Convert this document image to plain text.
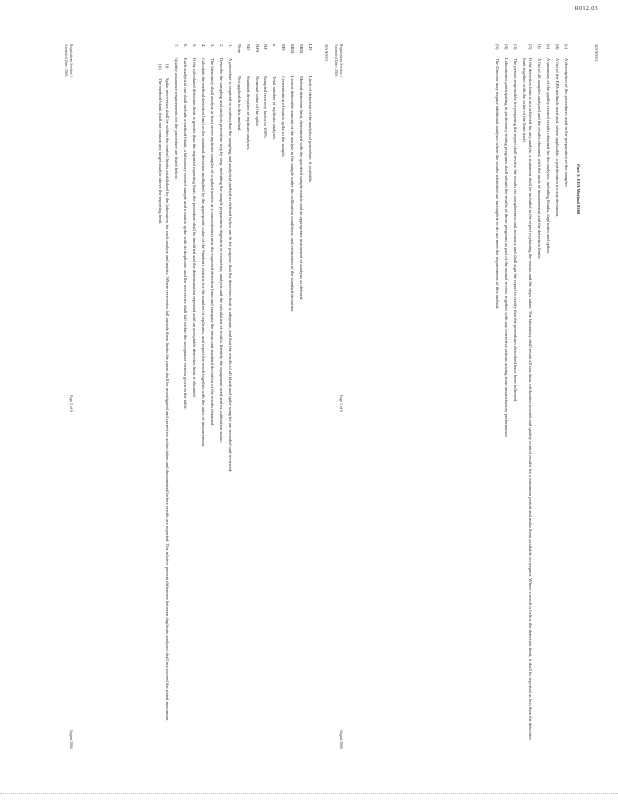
R012.03
MAN0001
LD-
Limit of detection of the analytical procedure, if available.
MDL
Method detection limit, determined with the specified sample matrix and an appropriate instrument of analysis as defined.
MDL
Lowest detectable amount of the analyte in the sample under the calibration conditions, and estimation of the standard deviation.
MS
Concentration of matrix spike in the sample.
n
Total number of replicate analyses.
NF
Sampled recovery factor to 100%.
NFS
Nominal value of the spike.
SD
Standard deviation of replicate analyses.
Note
Not applicable to this method.
1.
A procedure is required to confirm that the sampling and analytical method as defined below are fit for purpose, that the detection limit is adequate, and that the results of all blank and spike samples are recorded and reviewed.
2.
Describe the sampling and analysis procedure step by step, including the sample preparation, digestion or extraction, analysis and the calculation of results. Identify the equipment used and its calibration status.
3.
The laboratory shall analyse at least seven replicate samples of a spiked matrix at a concentration near the expected detection limit and compute the mean and standard deviation of the results obtained.
4.
Calculate the method detection limit as the standard deviation multiplied by the appropriate value of the Student t statistic for the number of replicates, and report the result together with the units of measurement.
5.
If the calculated detection limit is greater than the required reporting limit, the procedure shall be modified and the determination repeated until an acceptable detection limit is obtained.
6.
Each analytical run shall include a method blank, a laboratory control sample and a matrix spike with its duplicate, and the recoveries shall fall within the acceptance criteria given in the table.
7.
Quality assurance requirements for the procedure are listed below.
(i)
Spike recoveries shall be within the control limits established by the laboratory for each analyte and matrix. Where recoveries fall outside these limits the cause shall be investigated and corrective action taken and documented before results are reported. The relative percent difference between duplicate analyses shall not exceed the stated maximum.
(ii)
The method blank shall not contain any target analyte above the reporting limit.
Regulations Section 1
Amended Date: 2003
Page 2 of 8
August 2006
MAN0001
Part 5: EPA Method 8260
(c)
A description of the procedures used in the preparation of the samples.
(d)
A list of the EPA methods used and, where applicable, a justification for any deviation.
(e)
A summary of the quality control results obtained for the analyses, including blanks, duplicates and spikes.
(f)
A list of all samples analysed and the results obtained, with the units of measurement and the detection limits.
(2)
If the detection limit is not achieved for any analyte, a statement shall be included in the report explaining the reason and the steps taken. The laboratory shall retain all raw data, calibration records and quality control results for a minimum period and make them available on request. Where a result is below the detection limit, it shall be reported as less than the detection limit together with the value of the limit itself.
(3)
The person responsible for preparing the report shall review the results for completeness and accuracy and shall sign the report to certify that the procedures described have been followed.
(4)
Laboratories participating in proficiency testing programs shall submit the results of those programs as part of the annual review, together with any corrective actions arising from unsatisfactory performance.
(5)
The Director may require additional analyses where the results submitted are incomplete or do not meet the requirements of this method.
Regulations Section 1
Amended Date: 2003
Page 3 of 8
August 2006
